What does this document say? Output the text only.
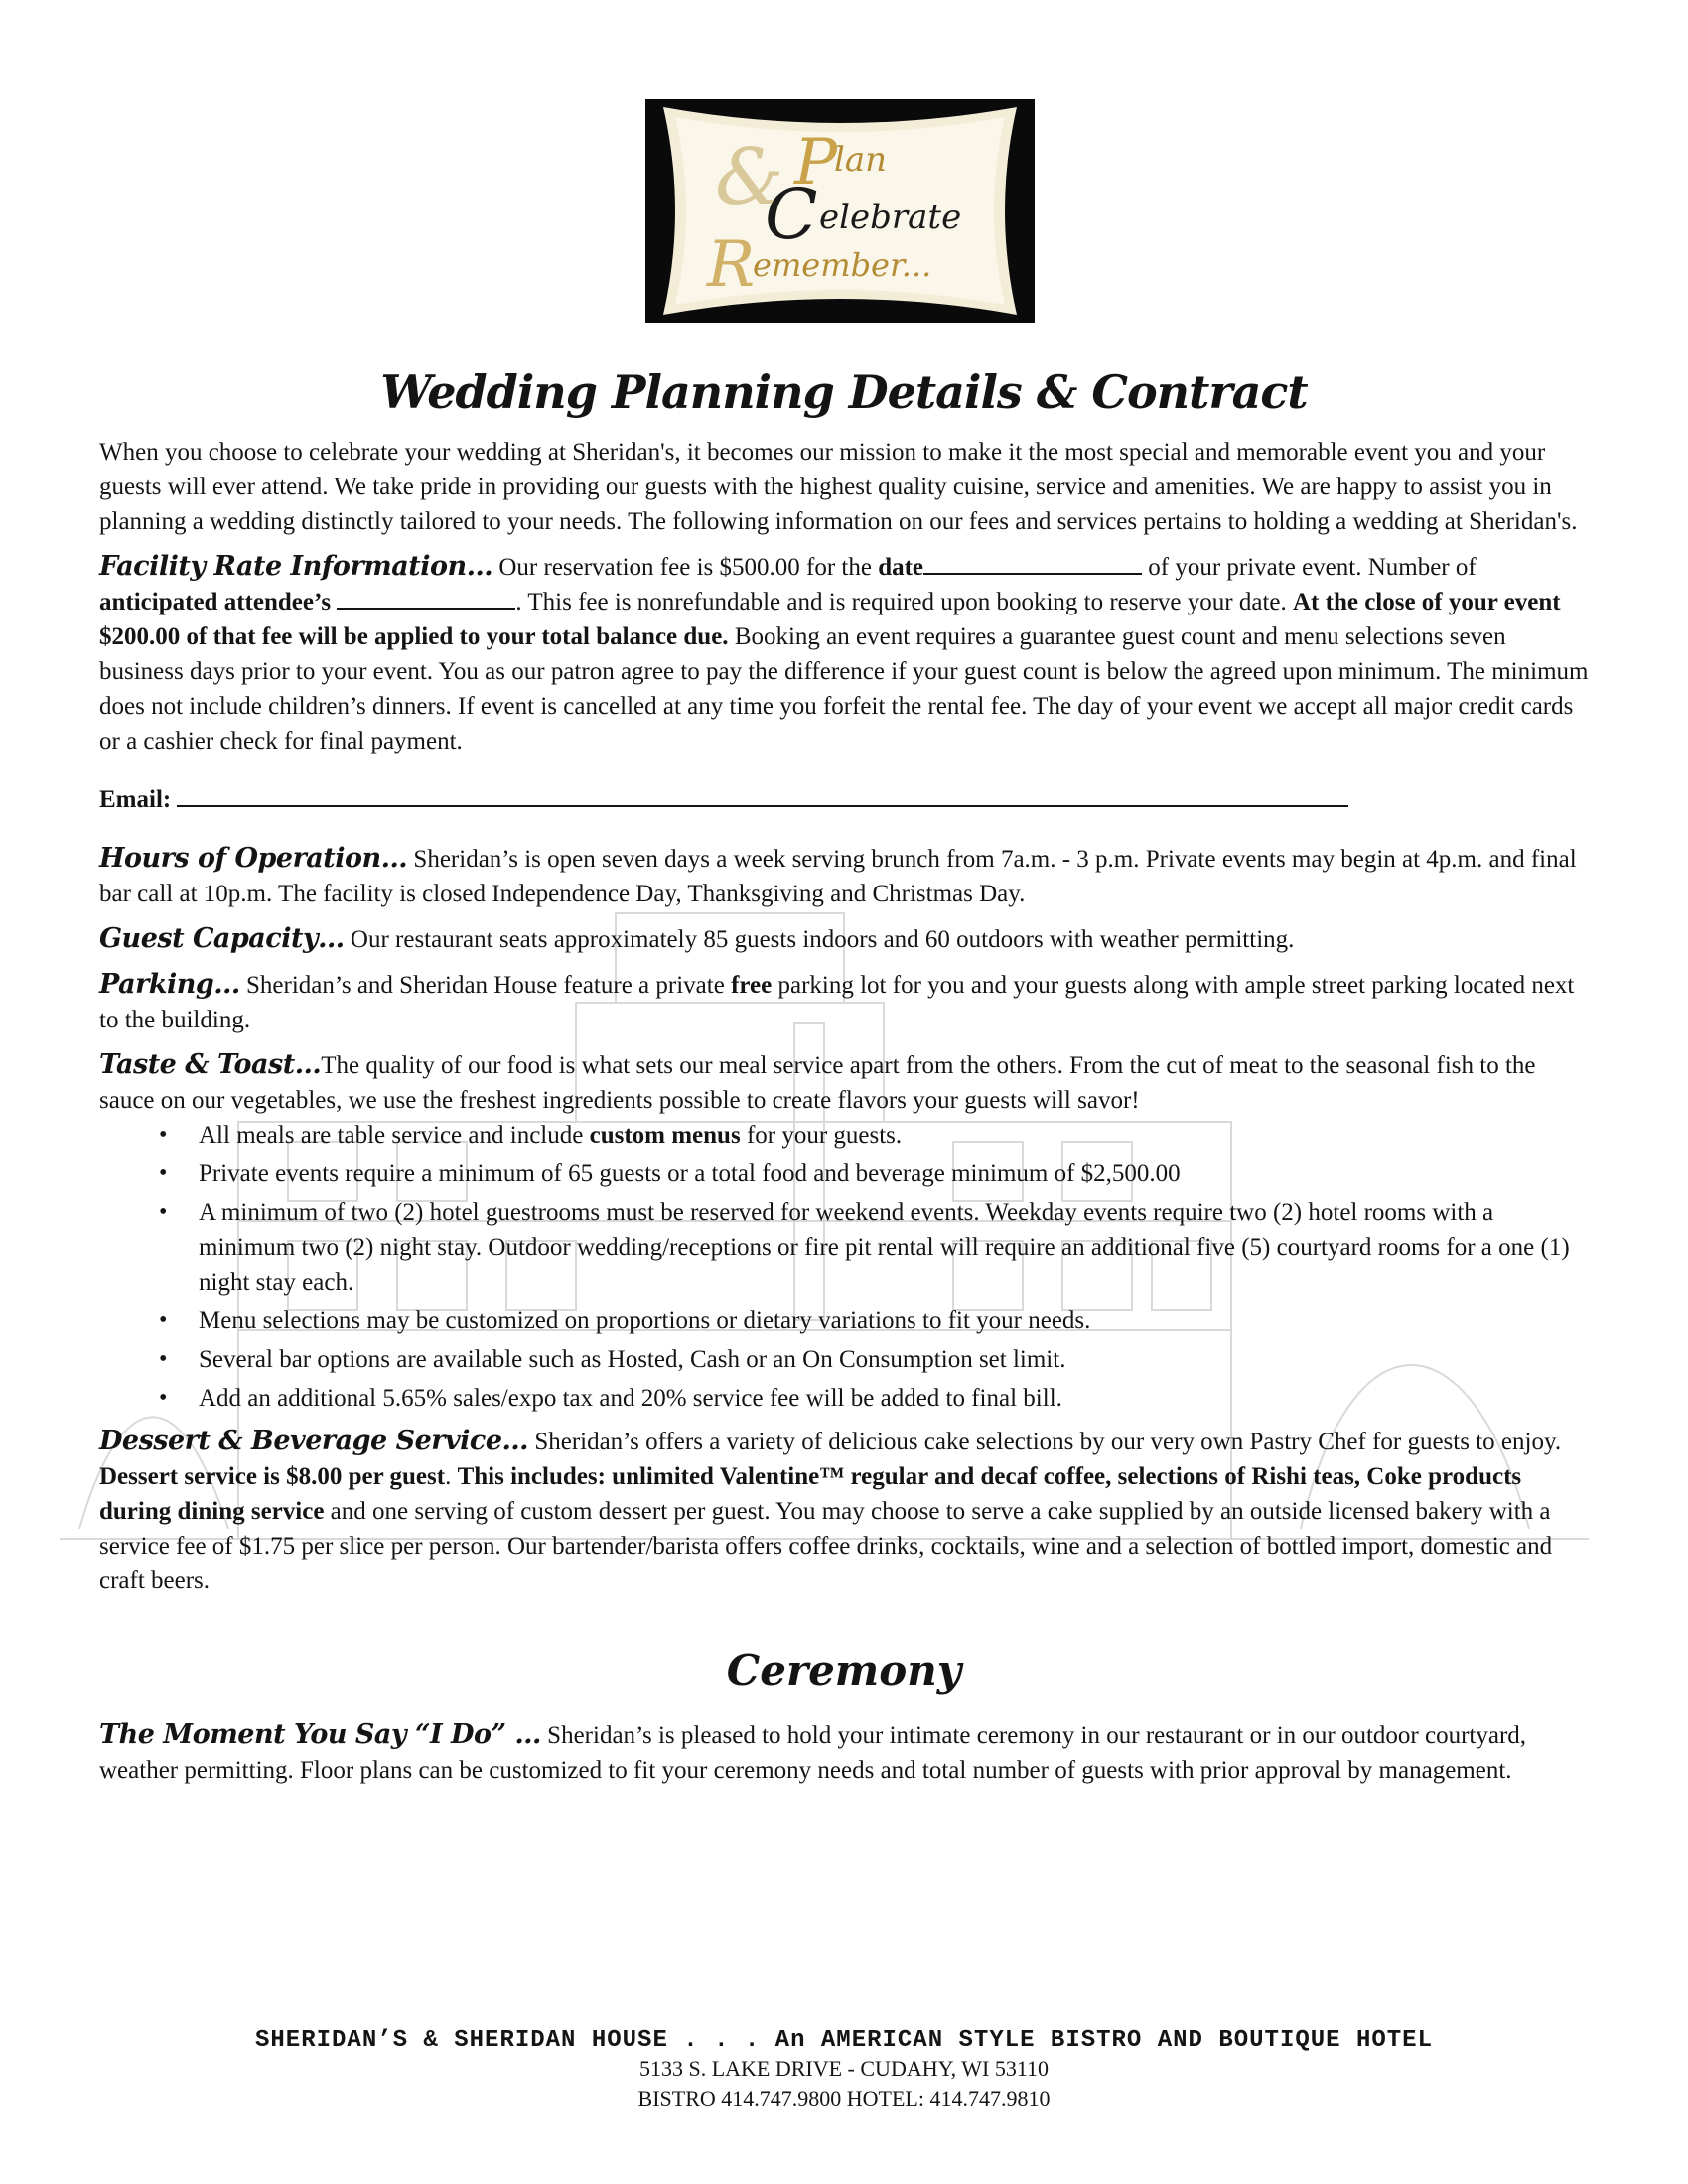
& P
lan
C elebrate
R
emember...
Wedding Planning Details & Contract

When you choose to celebrate your wedding at Sheridan's, it becomes our mission to make it the most special and memorable event you and your guests will ever attend. We take pride in providing our guests with the highest quality cuisine, service and amenities. We are happy to assist you in planning a wedding distinctly tailored to your needs. The following information on our fees and services pertains to holding a wedding at Sheridan's.

Facility Rate Information… Our reservation fee is $500.00 for the date	of your private event. Number of anticipated attendee’s	. This fee is nonrefundable and is required upon booking to reserve your date. At the close of your event $200.00 of that fee will be applied to your total balance due. Booking an event requires a guarantee guest count and menu selections seven business days prior to your event. You as our patron agree to pay the difference if your guest count is below the agreed upon minimum. The minimum does not include children’s dinners. If event is cancelled at any time you forfeit the rental fee. The day of your event we accept all major credit cards or a cashier check for final payment.

Email:

Hours of Operation… Sheridan’s is open seven days a week serving brunch from 7a.m. - 3 p.m. Private events may begin at 4p.m. and final bar call at 10p.m. The facility is closed Independence Day, Thanksgiving and Christmas Day.

Guest Capacity… Our restaurant seats approximately 85 guests indoors and 60 outdoors with weather permitting.

Parking… Sheridan’s and Sheridan House feature a private free parking lot for you and your guests along with ample street parking located next to the building.

Taste & Toast…The quality of our food is what sets our meal service apart from the others. From the cut of meat to the seasonal fish to the sauce on our vegetables, we use the freshest ingredients possible to create flavors your guests will savor!

• All meals are table service and include custom menus for your guests.
• Private events require a minimum of 65 guests or a total food and beverage minimum of $2,500.00
• A minimum of two (2) hotel guestrooms must be reserved for weekend events. Weekday events require two (2) hotel rooms with a minimum two (2) night stay. Outdoor wedding/receptions or fire pit rental will require an additional five (5) courtyard rooms for a one (1) night stay each.
• Menu selections may be customized on proportions or dietary variations to fit your needs.
• Several bar options are available such as Hosted, Cash or an On Consumption set limit.
• Add an additional 5.65% sales/expo tax and 20% service fee will be added to final bill.

Dessert & Beverage Service… Sheridan’s offers a variety of delicious cake selections by our very own Pastry Chef for guests to enjoy. Dessert service is $8.00 per guest. This includes: unlimited Valentine™ regular and decaf coffee, selections of Rishi teas, Coke products during dining service and one serving of custom dessert per guest. You may choose to serve a cake supplied by an outside licensed bakery with a service fee of $1.75 per slice per person. Our bartender/barista offers coffee drinks, cocktails, wine and a selection of bottled import, domestic and craft beers.

Ceremony

The Moment You Say “I Do” … Sheridan’s is pleased to hold your intimate ceremony in our restaurant or in our outdoor courtyard, weather permitting. Floor plans can be customized to fit your ceremony needs and total number of guests with prior approval by management.

SHERIDAN’S & SHERIDAN HOUSE . . . An AMERICAN STYLE BISTRO AND BOUTIQUE HOTEL
5133 S. LAKE DRIVE - CUDAHY, WI 53110
BISTRO 414.747.9800 HOTEL: 414.747.9810
